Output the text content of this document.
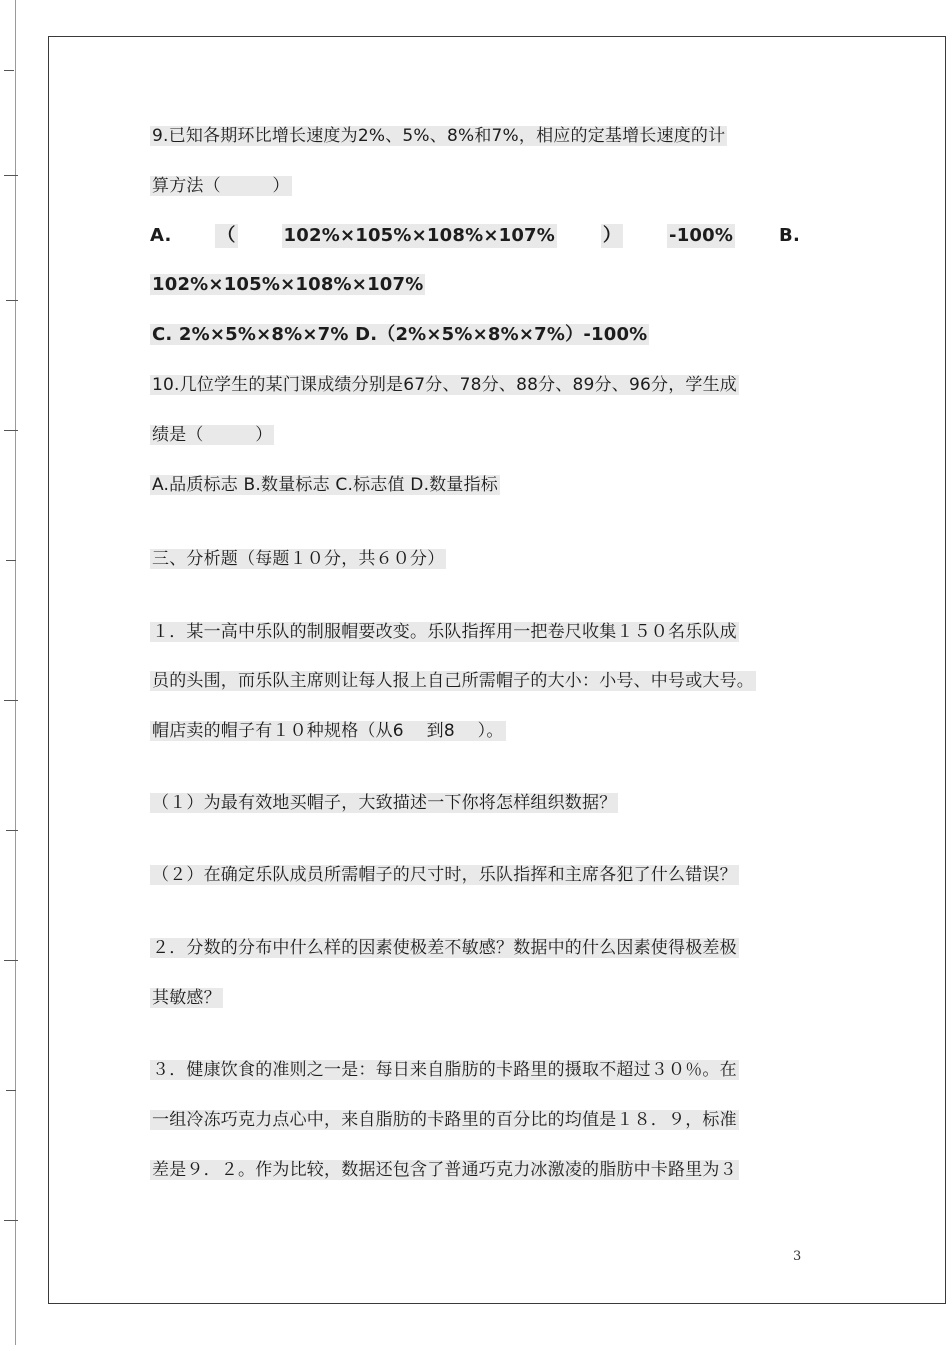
9.已知各期环比增长速度为2%、5%、8%和7%，相应的定基增长速度的计

算方法（　　　）

A.	（	102%×105%×108%×107%	）	-100%	B.

102%×105%×108%×107%

C. 2%×5%×8%×7% D.（2%×5%×8%×7%）-100%

10.几位学生的某门课成绩分别是67分、78分、88分、89分、96分，学生成

绩是（　　　）

A.品质标志 B.数量标志 C.标志值 D.数量指标

三、分析题（每题１０分，共６０分）

１．某一高中乐队的制服帽要改变。乐队指挥用一把卷尺收集１５０名乐队成

员的头围，而乐队主席则让每人报上自己所需帽子的大小：小号、中号或大号。

帽店卖的帽子有１０种规格（从6　 到8　 ）。

（１）为最有效地买帽子，大致描述一下你将怎样组织数据？

（２）在确定乐队成员所需帽子的尺寸时，乐队指挥和主席各犯了什么错误？

２．分数的分布中什么样的因素使极差不敏感？数据中的什么因素使得极差极

其敏感？

３．健康饮食的准则之一是：每日来自脂肪的卡路里的摄取不超过３０％。在

一组冷冻巧克力点心中，来自脂肪的卡路里的百分比的均值是１８．９，标准

差是９．２。作为比较，数据还包含了普通巧克力冰激凌的脂肪中卡路里为３

3
